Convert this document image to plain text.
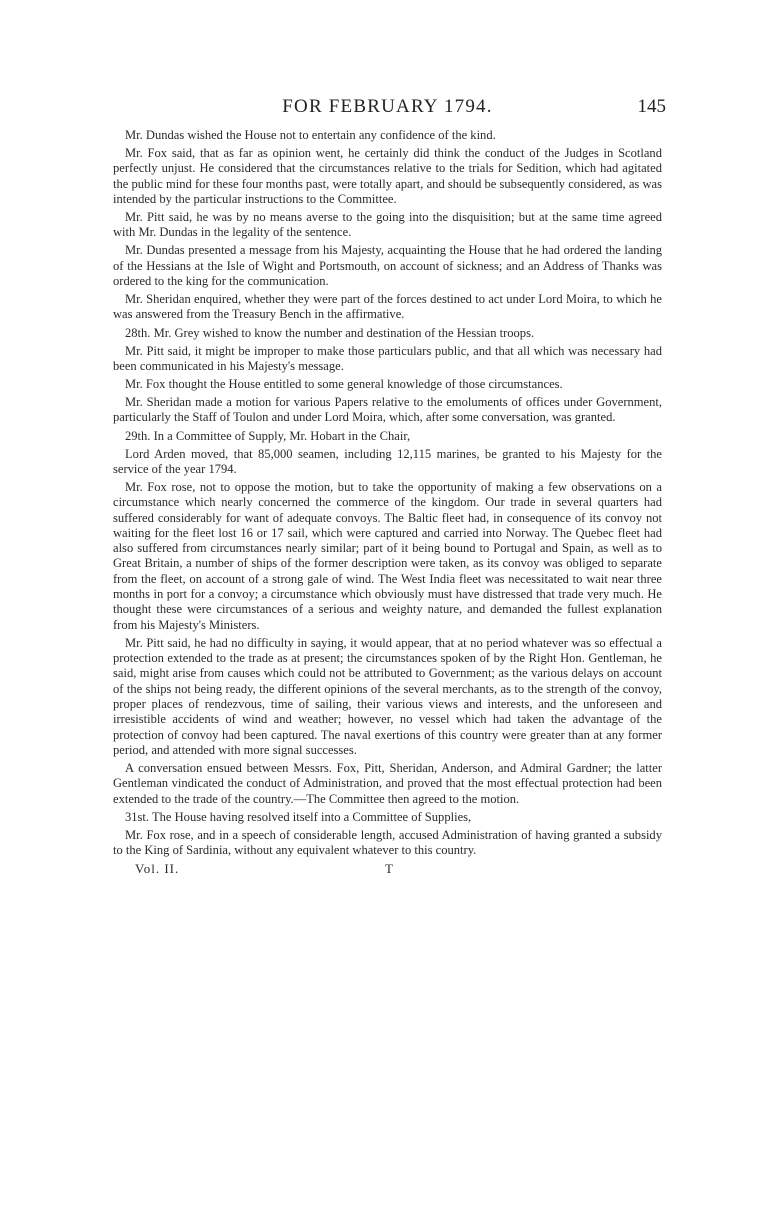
FOR FEBRUARY 1794.	145

Mr. Dundas wished the House not to entertain any confidence of the kind.

Mr. Fox said, that as far as opinion went, he certainly did think the conduct of the Judges in Scotland perfectly unjust. He considered that the circumstances relative to the trials for Sedition, which had agitated the public mind for these four months past, were totally apart, and should be subsequently considered, as was intended by the particular instructions to the Committee.

Mr. Pitt said, he was by no means averse to the going into the disquisition; but at the same time agreed with Mr. Dundas in the legality of the sentence.

Mr. Dundas presented a message from his Majesty, acquainting the House that he had ordered the landing of the Hessians at the Isle of Wight and Portsmouth, on account of sickness; and an Address of Thanks was ordered to the king for the communication.

Mr. Sheridan enquired, whether they were part of the forces destined to act under Lord Moira, to which he was answered from the Treasury Bench in the affirmative.

28th. Mr. Grey wished to know the number and destination of the Hessian troops.

Mr. Pitt said, it might be improper to make those particulars public, and that all which was necessary had been communicated in his Majesty's message.

Mr. Fox thought the House entitled to some general knowledge of those circumstances.

Mr. Sheridan made a motion for various Papers relative to the emoluments of offices under Government, particularly the Staff of Toulon and under Lord Moira, which, after some conversation, was granted.

29th. In a Committee of Supply, Mr. Hobart in the Chair,

Lord Arden moved, that 85,000 seamen, including 12,115 marines, be granted to his Majesty for the service of the year 1794.

Mr. Fox rose, not to oppose the motion, but to take the opportunity of making a few observations on a circumstance which nearly concerned the commerce of the kingdom. Our trade in several quarters had suffered considerably for want of adequate convoys. The Baltic fleet had, in consequence of its convoy not waiting for the fleet lost 16 or 17 sail, which were captured and carried into Norway. The Quebec fleet had also suffered from circumstances nearly similar; part of it being bound to Portugal and Spain, as well as to Great Britain, a number of ships of the former description were taken, as its convoy was obliged to separate from the fleet, on account of a strong gale of wind. The West India fleet was necessitated to wait near three months in port for a convoy; a circumstance which obviously must have distressed that trade very much. He thought these were circumstances of a serious and weighty nature, and demanded the fullest explanation from his Majesty's Ministers.

Mr. Pitt said, he had no difficulty in saying, it would appear, that at no period whatever was so effectual a protection extended to the trade as at present; the circumstances spoken of by the Right Hon. Gentleman, he said, might arise from causes which could not be attributed to Government; as the various delays on account of the ships not being ready, the different opinions of the several merchants, as to the strength of the convoy, proper places of rendezvous, time of sailing, their various views and interests, and the unforeseen and irresistible accidents of wind and weather; however, no vessel which had taken the advantage of the protection of convoy had been captured. The naval exertions of this country were greater than at any former period, and attended with more signal successes.

A conversation ensued between Messrs. Fox, Pitt, Sheridan, Anderson, and Admiral Gardner; the latter Gentleman vindicated the conduct of Administration, and proved that the most effectual protection had been extended to the trade of the country.—The Committee then agreed to the motion.

31st. The House having resolved itself into a Committee of Supplies,

Mr. Fox rose, and in a speech of considerable length, accused Administration of having granted a subsidy to the King of Sardinia, without any equivalent whatever to this country.

Vol. II.	T
